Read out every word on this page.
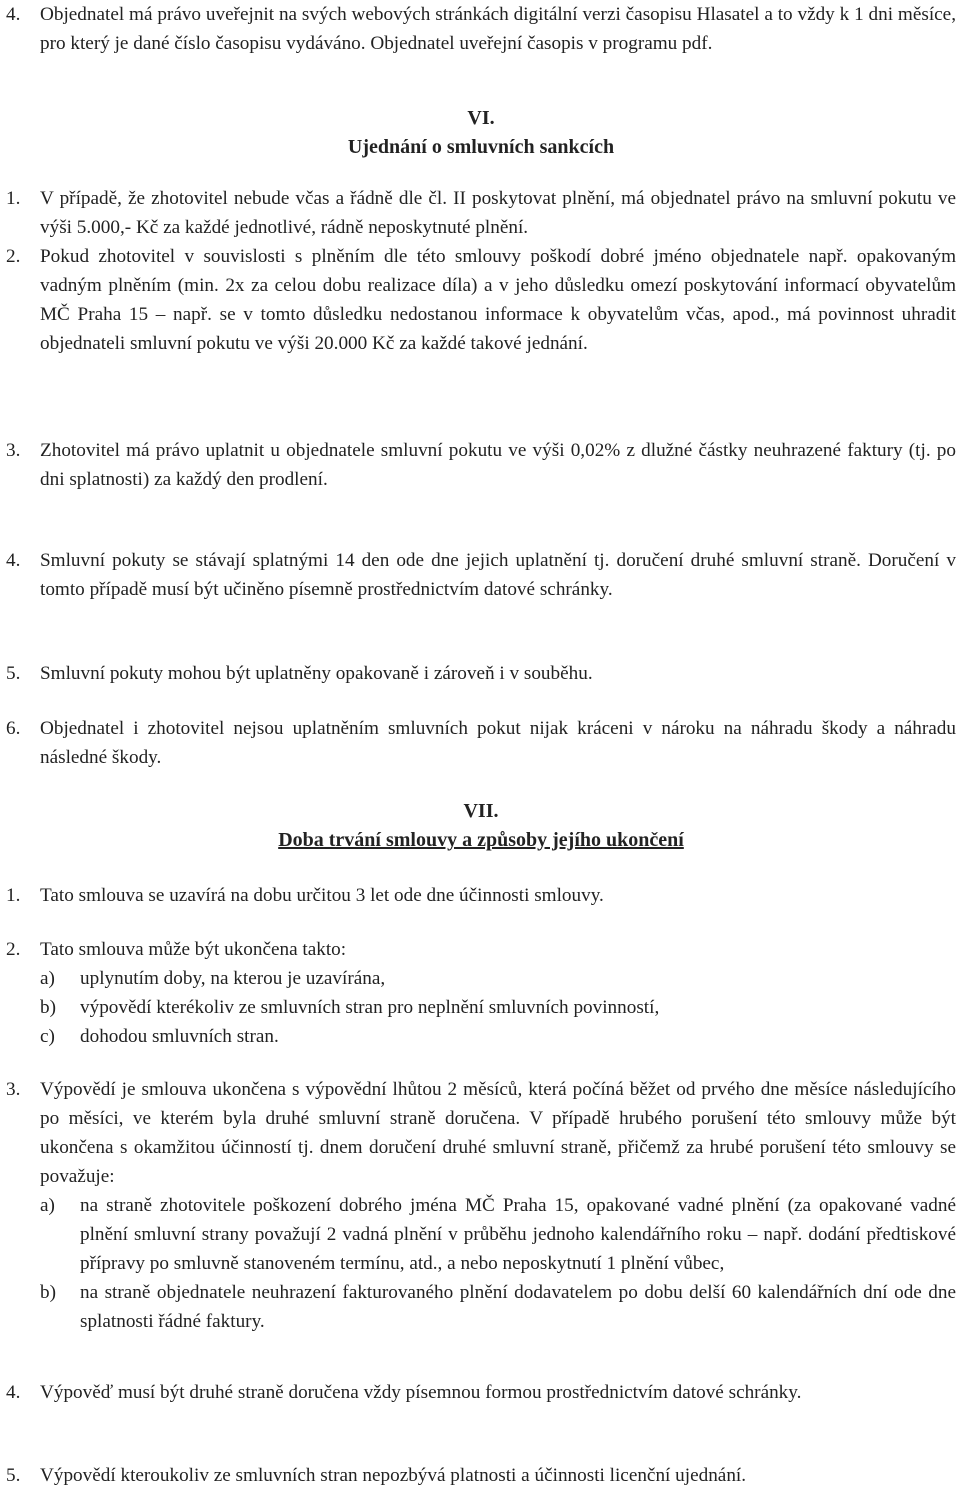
4.	Objednatel má právo uveřejnit na svých webových stránkách digitální verzi časopisu Hlasatel a to vždy k 1 dni měsíce, pro který je dané číslo časopisu vydáváno. Objednatel uveřejní časopis v programu pdf.
VI.
Ujednání o smluvních sankcích
1.	V případě, že zhotovitel nebude včas a řádně dle čl. II poskytovat plnění, má objednatel právo na smluvní pokutu ve výši 5.000,- Kč za každé jednotlivé, rádně neposkytnuté plnění.
2.	Pokud zhotovitel v souvislosti s plněním dle této smlouvy poškodí dobré jméno objednatele např. opakovaným vadným plněním (min. 2x za celou dobu realizace díla) a v jeho důsledku omezí poskytování informací obyvatelům MČ Praha 15 – např. se v tomto důsledku nedostanou informace k obyvatelům včas, apod., má povinnost uhradit objednateli smluvní pokutu ve výši 20.000 Kč za každé takové jednání.
3.	Zhotovitel má právo uplatnit u objednatele smluvní pokutu ve výši 0,02% z dlužné částky neuhrazené faktury (tj. po dni splatnosti) za každý den prodlení.
4.	Smluvní pokuty se stávají splatnými 14 den ode dne jejich uplatnění tj. doručení druhé smluvní straně. Doručení v tomto případě musí být učiněno písemně prostřednictvím datové schránky.
5.	Smluvní pokuty mohou být uplatněny opakovaně i zároveň i v souběhu.
6.	Objednatel i zhotovitel nejsou uplatněním smluvních pokut nijak kráceni v nároku na náhradu škody a náhradu následné škody.
VII.
Doba trvání smlouvy a způsoby jejího ukončení
1.	Tato smlouva se uzavírá na dobu určitou 3 let ode dne účinnosti smlouvy.
2.	Tato smlouva může být ukončena takto:
a)	uplynutím doby, na kterou je uzavírána,
b)	výpovědí kterékoliv ze smluvních stran pro neplnění smluvních povinností,
c)	dohodou smluvních stran.
3.	Výpovědí je smlouva ukončena s výpovědní lhůtou 2 měsíců, která počíná běžet od prvého dne měsíce následujícího po měsíci, ve kterém byla druhé smluvní straně doručena. V případě hrubého porušení této smlouvy může být ukončena s okamžitou účinností tj. dnem doručení druhé smluvní straně, přičemž za hrubé porušení této smlouvy se považuje:
a)	na straně zhotovitele poškození dobrého jména MČ Praha 15, opakované vadné plnění (za opakované vadné plnění smluvní strany považují 2 vadná plnění v průběhu jednoho kalendářního roku – např. dodání předtiskové přípravy po smluvně stanoveném termínu, atd., a nebo neposkytnutí 1 plnění vůbec,
b)	na straně objednatele neuhrazení fakturovaného plnění dodavatelem po dobu delší 60 kalendářních dní ode dne splatnosti řádné faktury.
4.	Výpověď musí být druhé straně doručena vždy písemnou formou prostřednictvím datové schránky.
5.	Výpovědí kteroukoliv ze smluvních stran nepozbývá platnosti a účinnosti licenční ujednání.
